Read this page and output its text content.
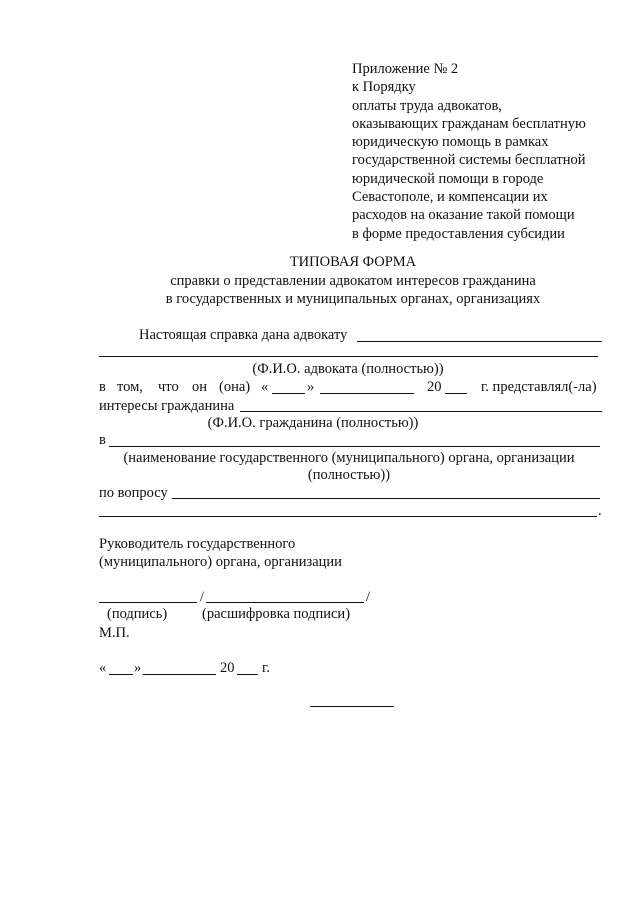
Приложение № 2
к Порядку
оплаты труда адвокатов,
оказывающих гражданам бесплатную
юридическую помощь в рамках
государственной системы бесплатной
юридической помощи в городе
Севастополе, и компенсации их
расходов на оказание такой помощи
в форме предоставления субсидии
ТИПОВАЯ ФОРМА
справки о представлении адвокатом интересов гражданина
в государственных и муниципальных органах, организациях
Настоящая справка дана адвокату
(Ф.И.О. адвоката (полностью))
в том, что он (она) «	»	20	г. представлял(-ла)
интересы гражданина
(Ф.И.О. гражданина (полностью))
в
(наименование государственного (муниципального) органа, организации
(полностью))
по вопросу
.
Руководитель государственного
(муниципального) органа, организации
/	/
(подпись) (расшифровка подписи)
М.П.
« »	20 г.
